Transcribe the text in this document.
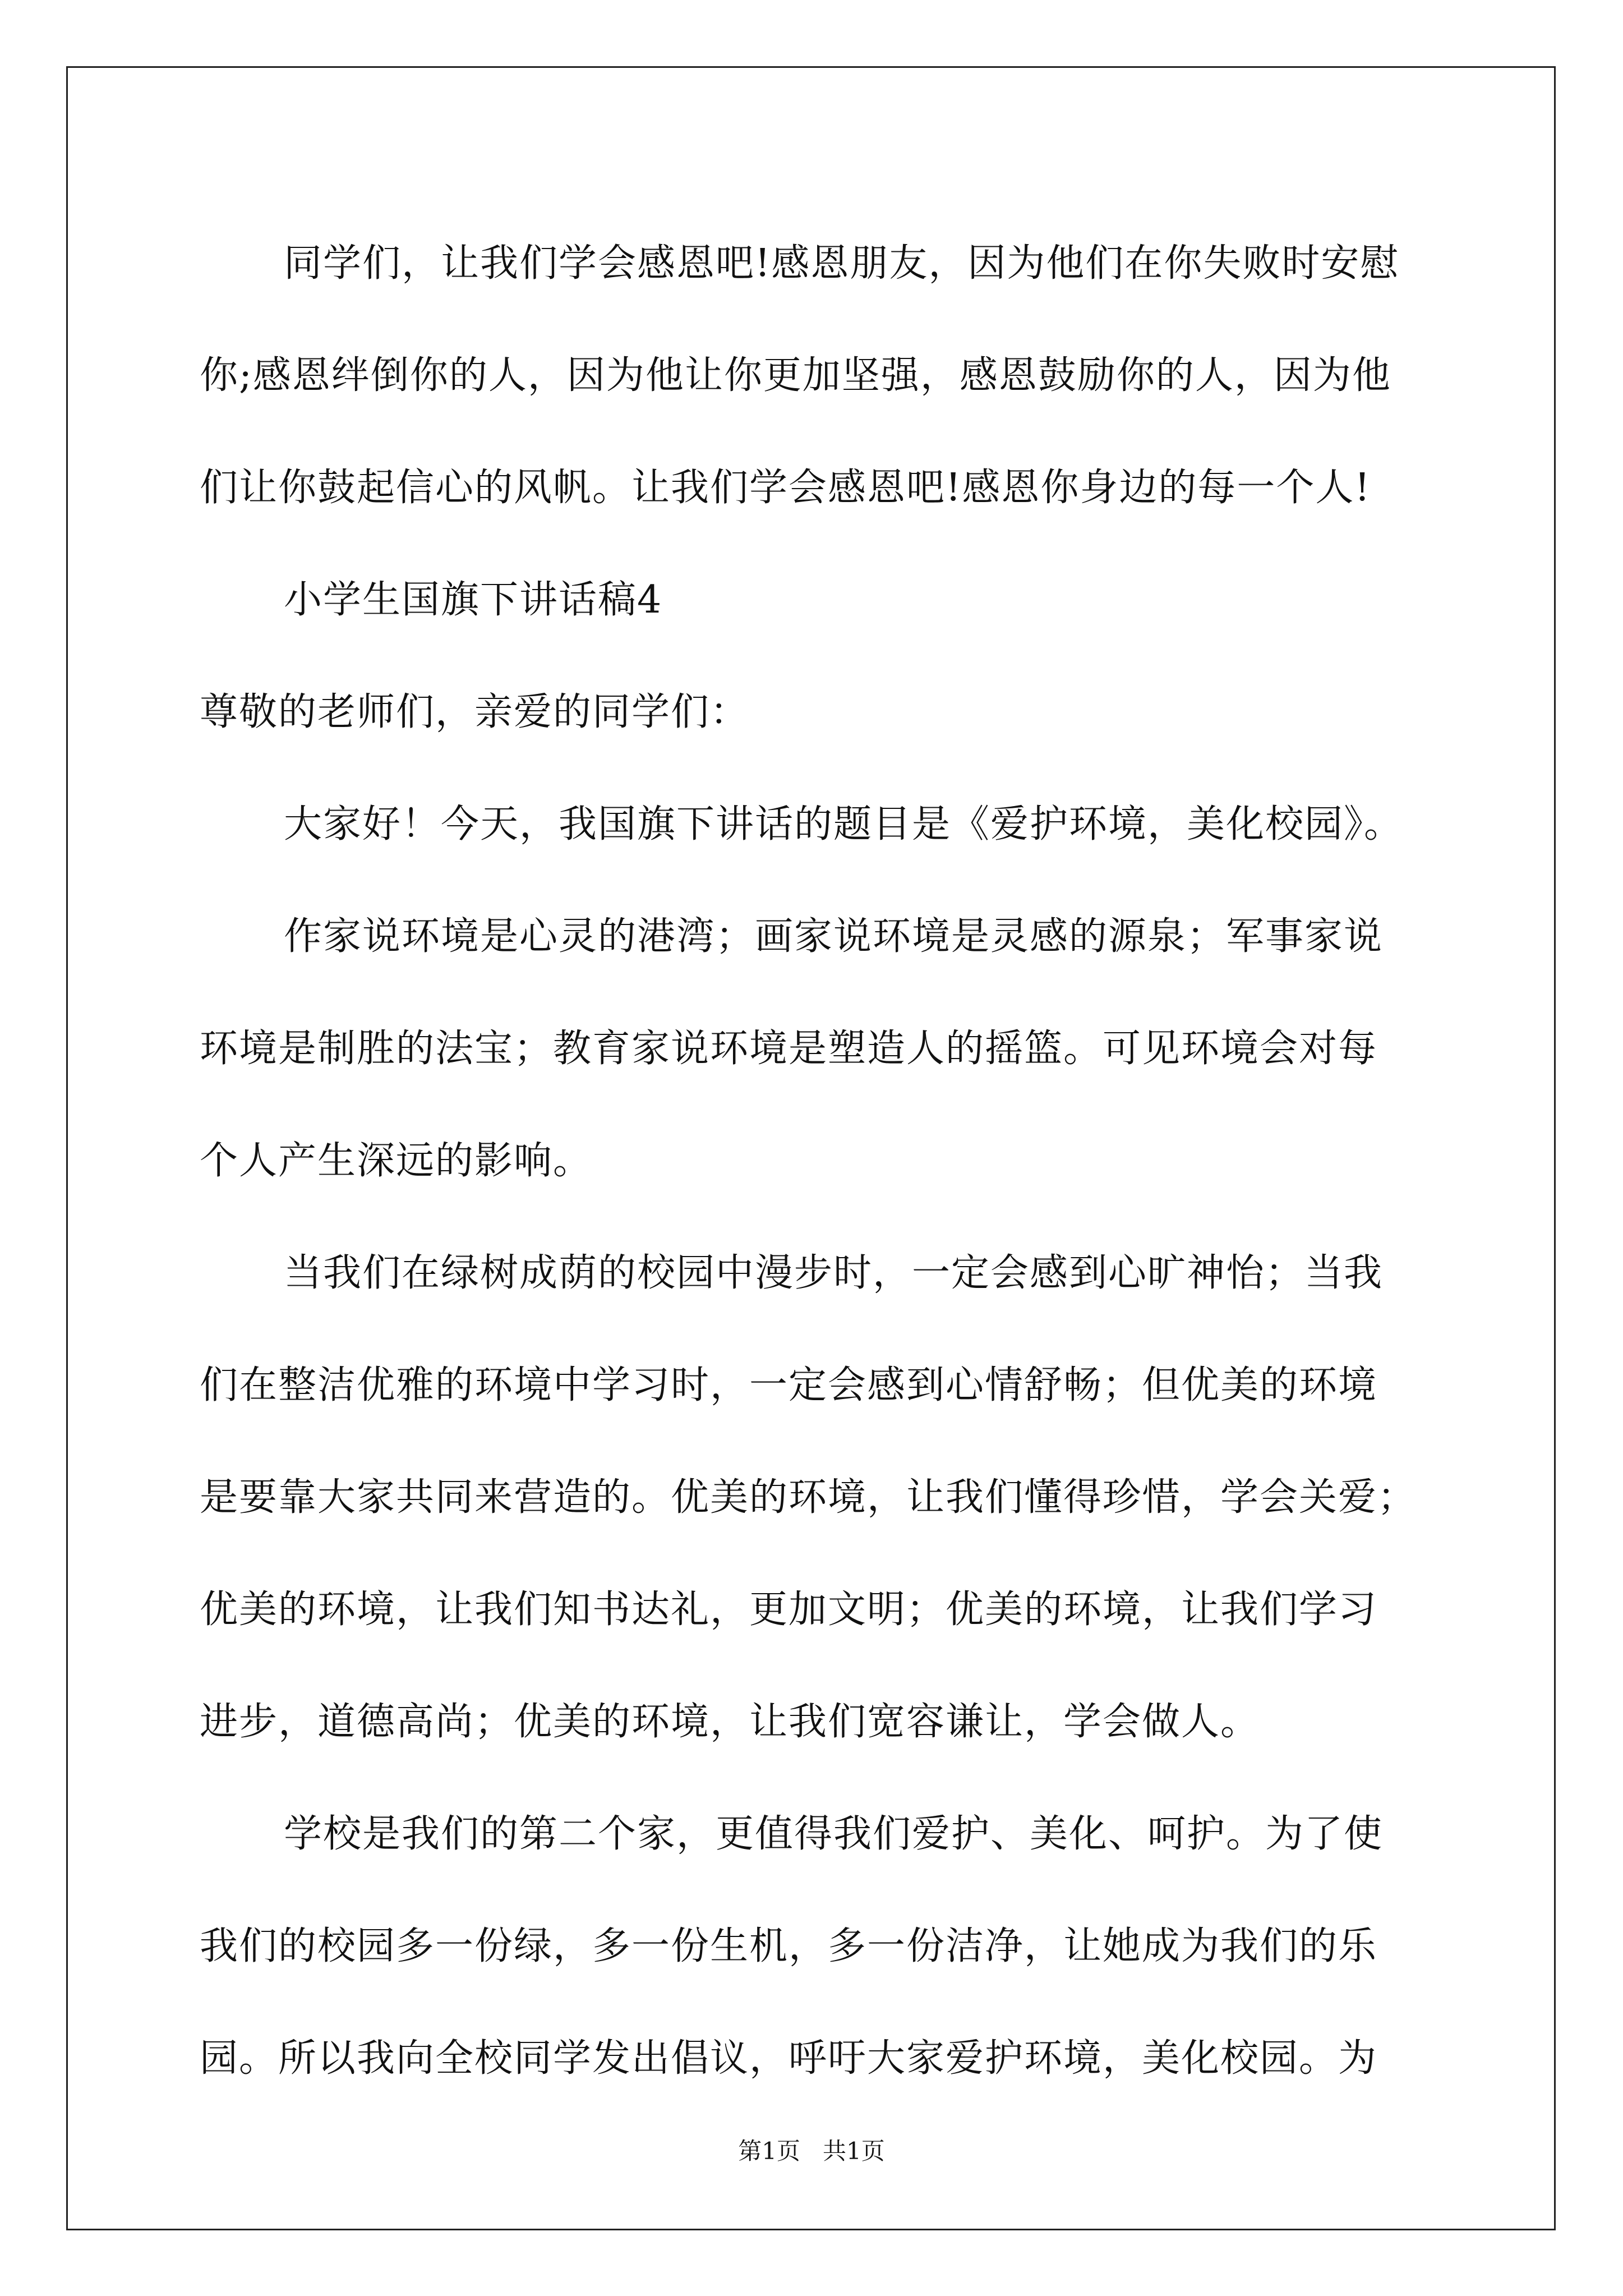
同学们，让我们学会感恩吧!感恩朋友，因为他们在你失败时安慰
你;感恩绊倒你的人，因为他让你更加坚强，感恩鼓励你的人，因为他
们让你鼓起信心的风帆。让我们学会感恩吧!感恩你身边的每一个人!
小学生国旗下讲话稿4
尊敬的老师们，亲爱的同学们：
大家好！今天，我国旗下讲话的题目是《爱护环境，美化校园》。
作家说环境是心灵的港湾；画家说环境是灵感的源泉；军事家说
环境是制胜的法宝；教育家说环境是塑造人的摇篮。可见环境会对每
个人产生深远的影响。
当我们在绿树成荫的校园中漫步时，一定会感到心旷神怡；当我
们在整洁优雅的环境中学习时，一定会感到心情舒畅；但优美的环境
是要靠大家共同来营造的。优美的环境，让我们懂得珍惜，学会关爱；
优美的环境，让我们知书达礼，更加文明；优美的环境，让我们学习
进步，道德高尚；优美的环境，让我们宽容谦让，学会做人。
学校是我们的第二个家，更值得我们爱护、美化、呵护。为了使
我们的校园多一份绿，多一份生机，多一份洁净，让她成为我们的乐
园。所以我向全校同学发出倡议，呼吁大家爱护环境，美化校园。为
第1页 共1页
